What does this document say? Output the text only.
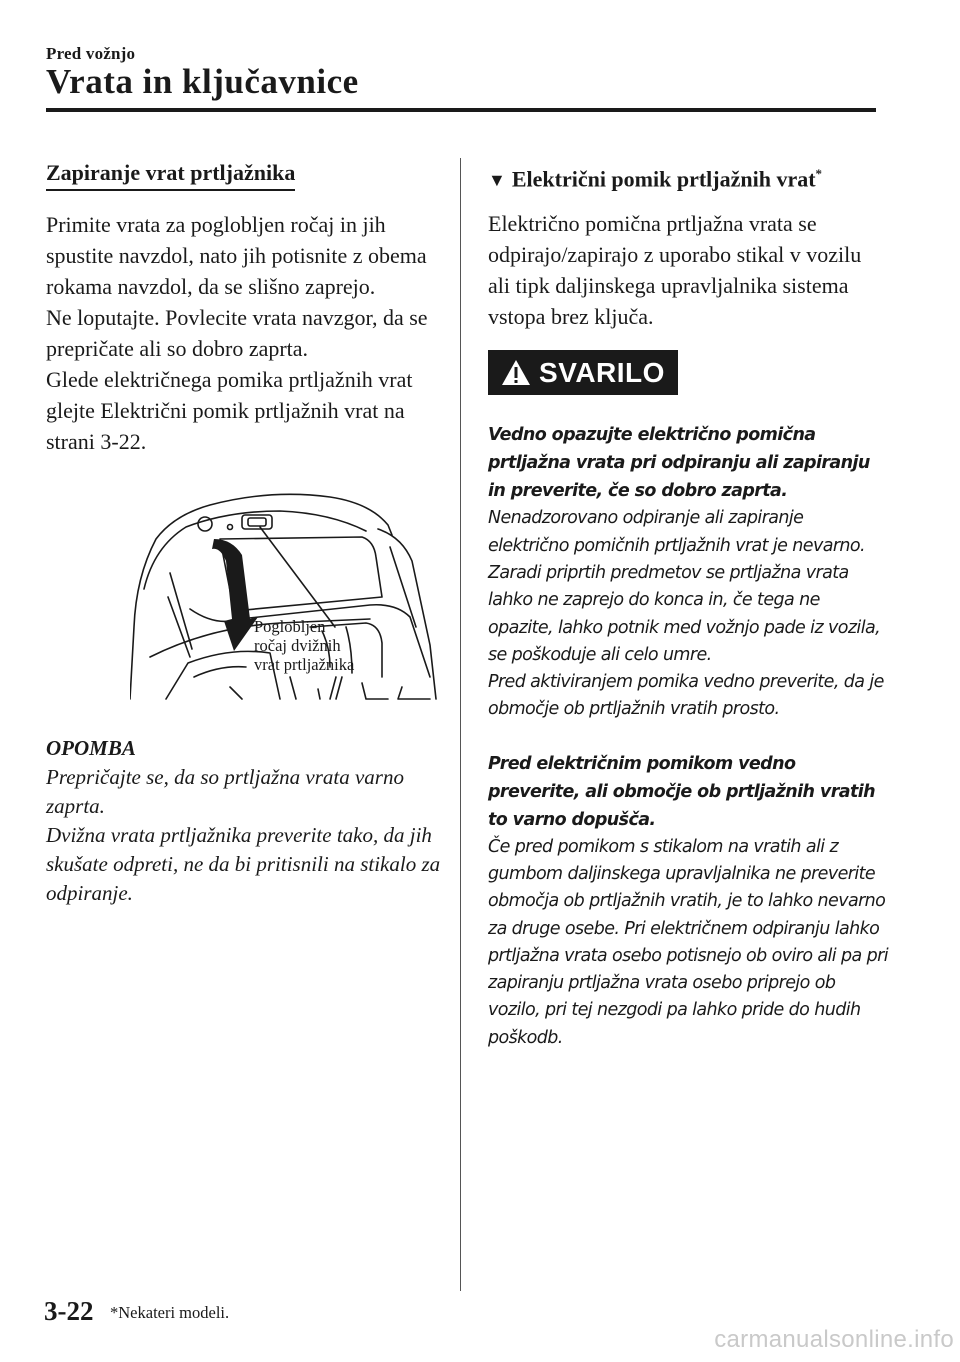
Pred vožnjo
Vrata in ključavnice
Zapiranje vrat prtljažnika

Primite vrata za poglobljen ročaj in jih spustite navzdol, nato jih potisnite z obema rokama navzdol, da se slišno zaprejo.

Ne loputajte. Povlecite vrata navzgor, da se prepričate ali so dobro zaprta.

Glede električnega pomika prtljažnih vrat glejte Električni pomik prtljažnih vrat na strani 3-22.

Poglobljen
ročaj dvižnih
vrat prtljažnika

OPOMBA

Prepričajte se, da so prtljažna vrata varno zaprta.

Dvižna vrata prtljažnika preverite tako, da jih skušate odpreti, ne da bi pritisnili na stikalo za odpiranje.

▼ Električni pomik prtljažnih vrat*

Električno pomična prtljažna vrata se odpirajo/zapirajo z uporabo stikal v vozilu ali tipk daljinskega upravljalnika sistema vstopa brez ključa.

SVARILO

Vedno opazujte električno pomična prtljažna vrata pri odpiranju ali zapiranju in preverite, če so dobro zaprta.

Nenadzorovano odpiranje ali zapiranje električno pomičnih prtljažnih vrat je nevarno. Zaradi priprtih predmetov se prtljažna vrata lahko ne zaprejo do konca in, če tega ne opazite, lahko potnik med vožnjo pade iz vozila, se poškoduje ali celo umre.

Pred aktiviranjem pomika vedno preverite, da je območje ob prtljažnih vratih prosto.

Pred električnim pomikom vedno preverite, ali območje ob prtljažnih vratih to varno dopušča.

Če pred pomikom s stikalom na vratih ali z gumbom daljinskega upravljalnika ne preverite območja ob prtljažnih vratih, je to lahko nevarno za druge osebe. Pri električnem odpiranju lahko prtljažna vrata osebo potisnejo ob oviro ali pa pri zapiranju prtljažna vrata osebo priprejo ob vozilo, pri tej nezgodi pa lahko pride do hudih poškodb.

3-22 *Nekateri modeli.
carmanualsonline.info
